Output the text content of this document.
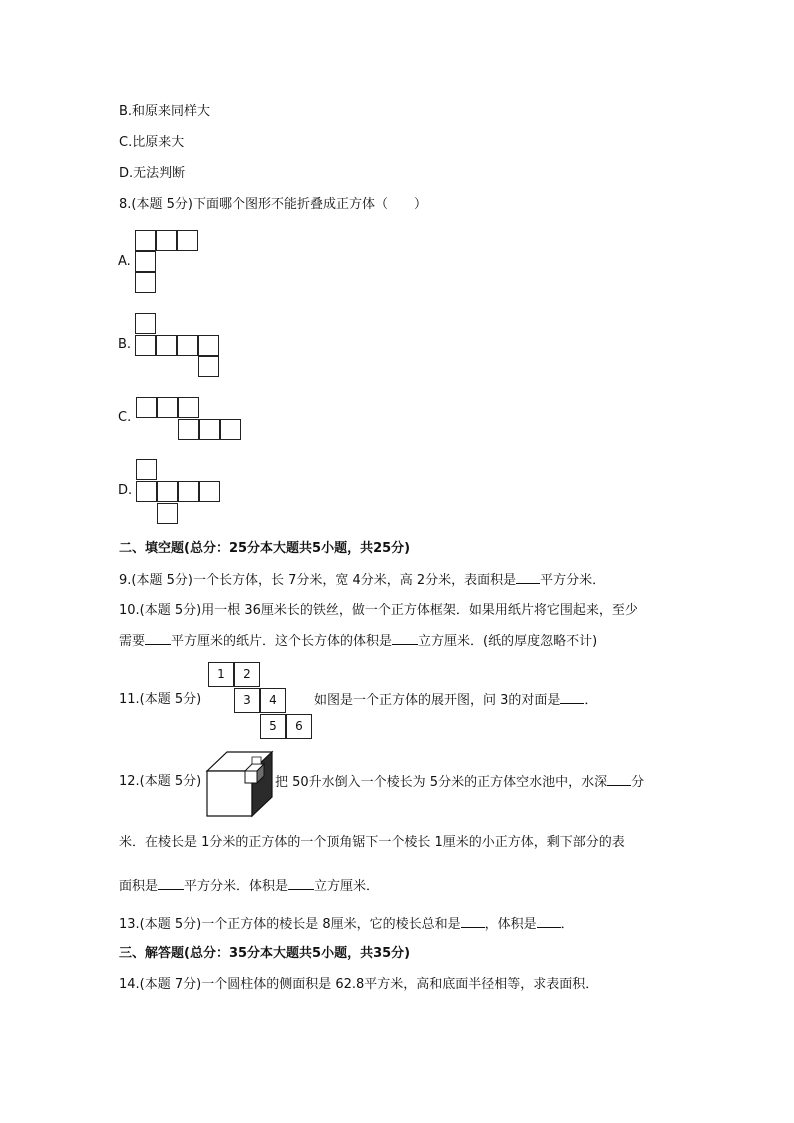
B.和原来同样大
C.比原来大
D.无法判断
8.(本题 5分)下面哪个图形不能折叠成正方体（　　）
A.
B.
C.
D.
二、填空题(总分：25分本大题共5小题，共25分)
9.(本题 5分)一个长方体，长 7分米，宽 4分米，高 2分米，表面积是 平方分米．
10.(本题 5分)用一根 36厘米长的铁丝，做一个正方体框架．如果用纸片将它围起来，至少
需要 平方厘米的纸片．这个长方体的体积是 立方厘米．(纸的厚度忽略不计)
11.(本题 5分)
1	2
3	4
5	6
如图是一个正方体的展开图，问 3的对面是 ．
12.(本题 5分)	把 50升水倒入一个棱长为 5分米的正方体空水池中，水深 分
米．在棱长是 1分米的正方体的一个顶角锯下一个棱长 1厘米的小正方体，剩下部分的表
面积是 平方分米．体积是 立方厘米．
13.(本题 5分)一个正方体的棱长是 8厘米，它的棱长总和是 ，体积是 ．
三、解答题(总分：35分本大题共5小题，共35分)
14.(本题 7分)一个圆柱体的侧面积是 62.8平方米，高和底面半径相等，求表面积．
